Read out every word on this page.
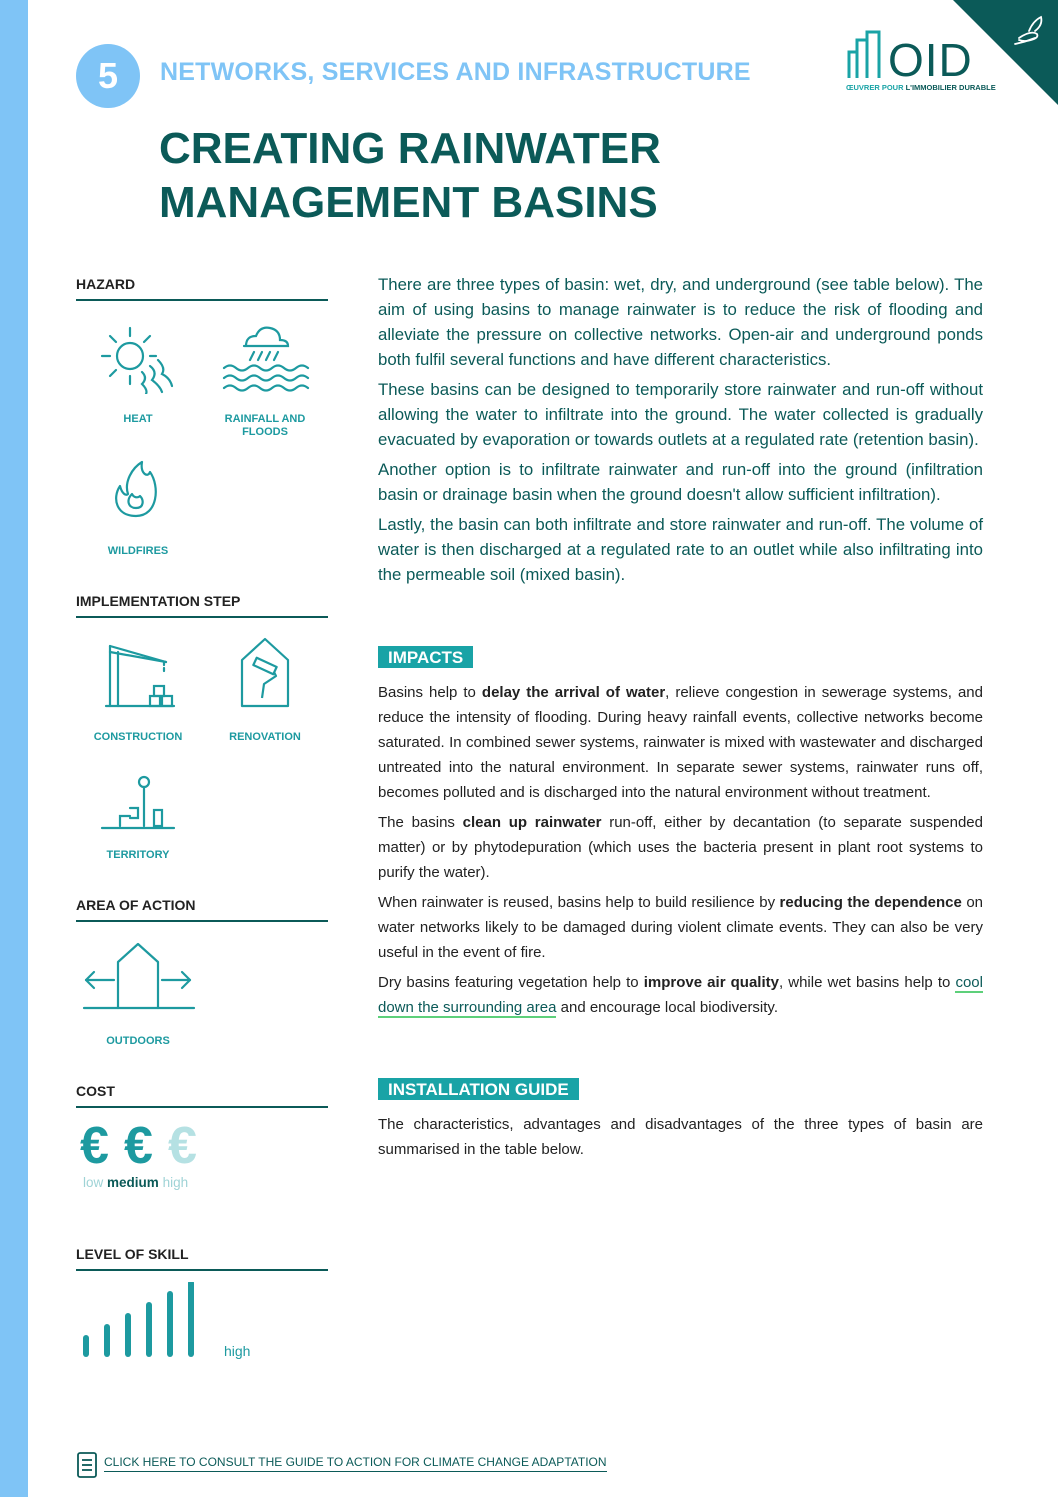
5	NETWORKS, SERVICES AND INFRASTRUCTURE
CREATING RAINWATER
MANAGEMENT BASINS
OID
ŒUVRER POUR L'IMMOBILIER DURABLE
HAZARD
HEAT	RAINFALL AND FLOODS
WILDFIRES
IMPLEMENTATION STEP
CONSTRUCTION	RENOVATION
TERRITORY
AREA OF ACTION
OUTDOORS
COST
€ € €
low medium high
LEVEL OF SKILL
high

There are three types of basin: wet, dry, and underground (see table below). The aim of using basins to manage rainwater is to reduce the risk of flooding and alleviate the pressure on collective networks. Open-air and underground ponds both fulfil several functions and have different characteristics.

These basins can be designed to temporarily store rainwater and run-off without allowing the water to infiltrate into the ground. The water collected is gradually evacuated by evaporation or towards outlets at a regulated rate (retention basin).

Another option is to infiltrate rainwater and run-off into the ground (infiltration basin or drainage basin when the ground doesn't allow sufficient infiltration).

Lastly, the basin can both infiltrate and store rainwater and run-off. The volume of water is then discharged at a regulated rate to an outlet while also infiltrating into the permeable soil (mixed basin).

IMPACTS

Basins help to delay the arrival of water, relieve congestion in sewerage systems, and reduce the intensity of flooding. During heavy rainfall events, collective networks become saturated. In combined sewer systems, rainwater is mixed with wastewater and discharged untreated into the natural environment. In separate sewer systems, rainwater runs off, becomes polluted and is discharged into the natural environment without treatment.

The basins clean up rainwater run-off, either by decantation (to separate suspended matter) or by phytodepuration (which uses the bacteria present in plant root systems to purify the water).

When rainwater is reused, basins help to build resilience by reducing the dependence on water networks likely to be damaged during violent climate events. They can also be very useful in the event of fire.

Dry basins featuring vegetation help to improve air quality, while wet basins help to cool down the surrounding area and encourage local biodiversity.

INSTALLATION GUIDE

The characteristics, advantages and disadvantages of the three types of basin are summarised in the table below.

CLICK HERE TO CONSULT THE GUIDE TO ACTION FOR CLIMATE CHANGE ADAPTATION
